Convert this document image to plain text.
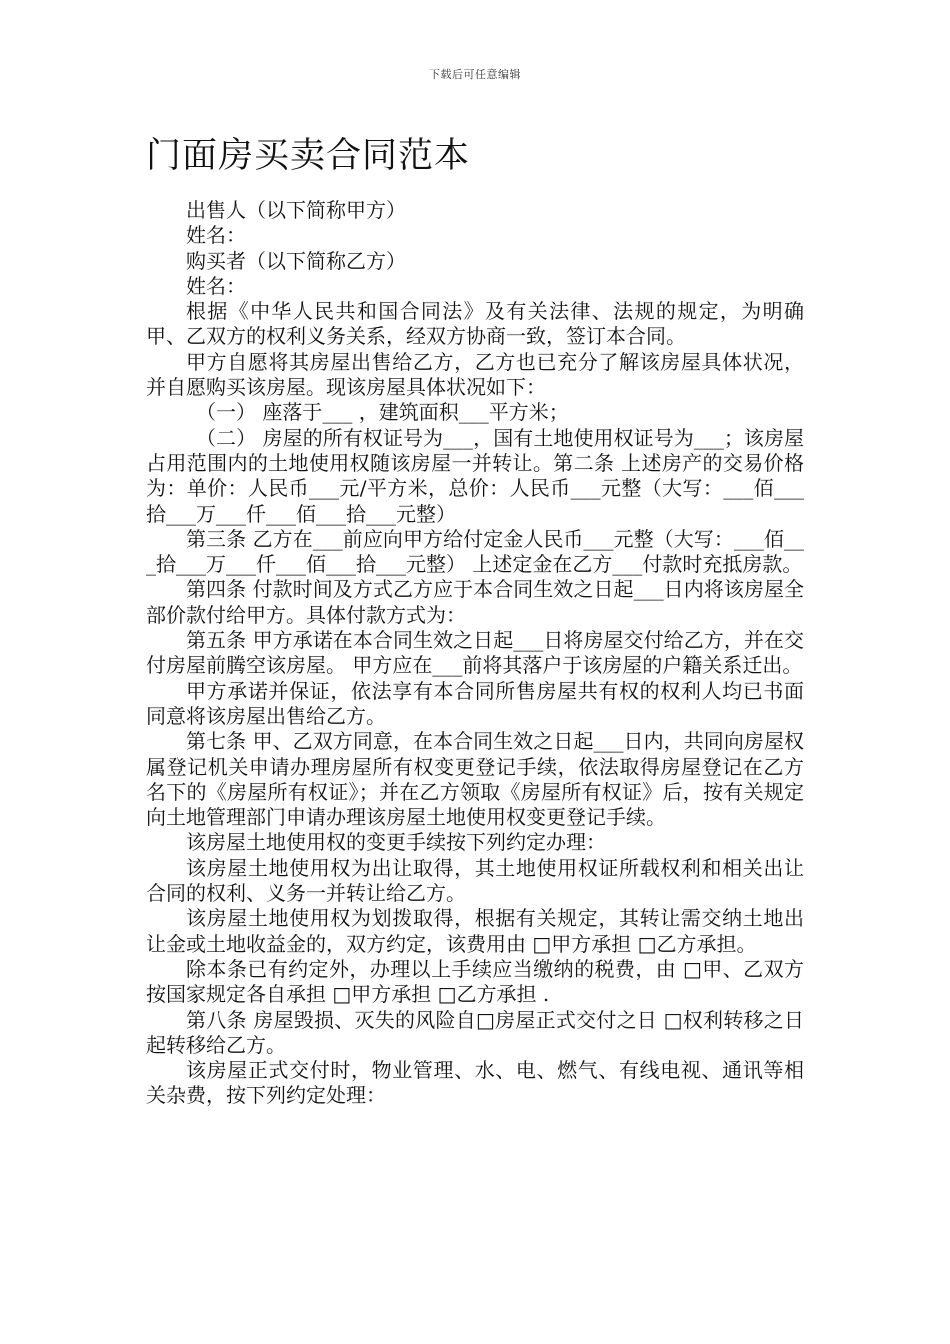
下载后可任意编辑
门面房买卖合同范本

出售人（以下简称甲方）

姓名：

购买者（以下简称乙方）

姓名：

根据《中华人民共和国合同法》及有关法律、法规的规定，为明确甲、乙双方的权利义务关系，经双方协商一致，签订本合同。

甲方自愿将其房屋出售给乙方，乙方也已充分了解该房屋具体状况，并自愿购买该房屋。现该房屋具体状况如下：

（一） 座落于___ ，建筑面积___平方米；

（二） 房屋的所有权证号为___，国有土地使用权证号为___；该房屋占用范围内的土地使用权随该房屋一并转让。第二条 上述房产的交易价格为：单价：人民币___元/平方米，总价：人民币___元整（大写：___佰___拾___万___仟___佰___拾___元整）

第三条 乙方在___前应向甲方给付定金人民币___元整（大写：___佰___拾___万___仟___佰___拾___元整） 上述定金在乙方___付款时充抵房款。

第四条 付款时间及方式乙方应于本合同生效之日起___日内将该房屋全部价款付给甲方。具体付款方式为：

第五条 甲方承诺在本合同生效之日起___日将房屋交付给乙方，并在交付房屋前腾空该房屋。 甲方应在___前将其落户于该房屋的户籍关系迁出。

甲方承诺并保证，依法享有本合同所售房屋共有权的权利人均已书面同意将该房屋出售给乙方。

第七条 甲、乙双方同意，在本合同生效之日起___日内，共同向房屋权属登记机关申请办理房屋所有权变更登记手续，依法取得房屋登记在乙方名下的《房屋所有权证》；并在乙方领取《房屋所有权证》后，按有关规定向土地管理部门申请办理该房屋土地使用权变更登记手续。

该房屋土地使用权的变更手续按下列约定办理：

该房屋土地使用权为出让取得，其土地使用权证所载权利和相关出让合同的权利、义务一并转让给乙方。

该房屋土地使用权为划拨取得，根据有关规定，其转让需交纳土地出让金或土地收益金的，双方约定，该费用由 □甲方承担 □乙方承担。

除本条已有约定外，办理以上手续应当缴纳的税费，由 □甲、乙双方按国家规定各自承担 □甲方承担 □乙方承担 .

第八条 房屋毁损、灭失的风险自□房屋正式交付之日 □权利转移之日起转移给乙方。

该房屋正式交付时，物业管理、水、电、燃气、有线电视、通讯等相关杂费，按下列约定处理：
